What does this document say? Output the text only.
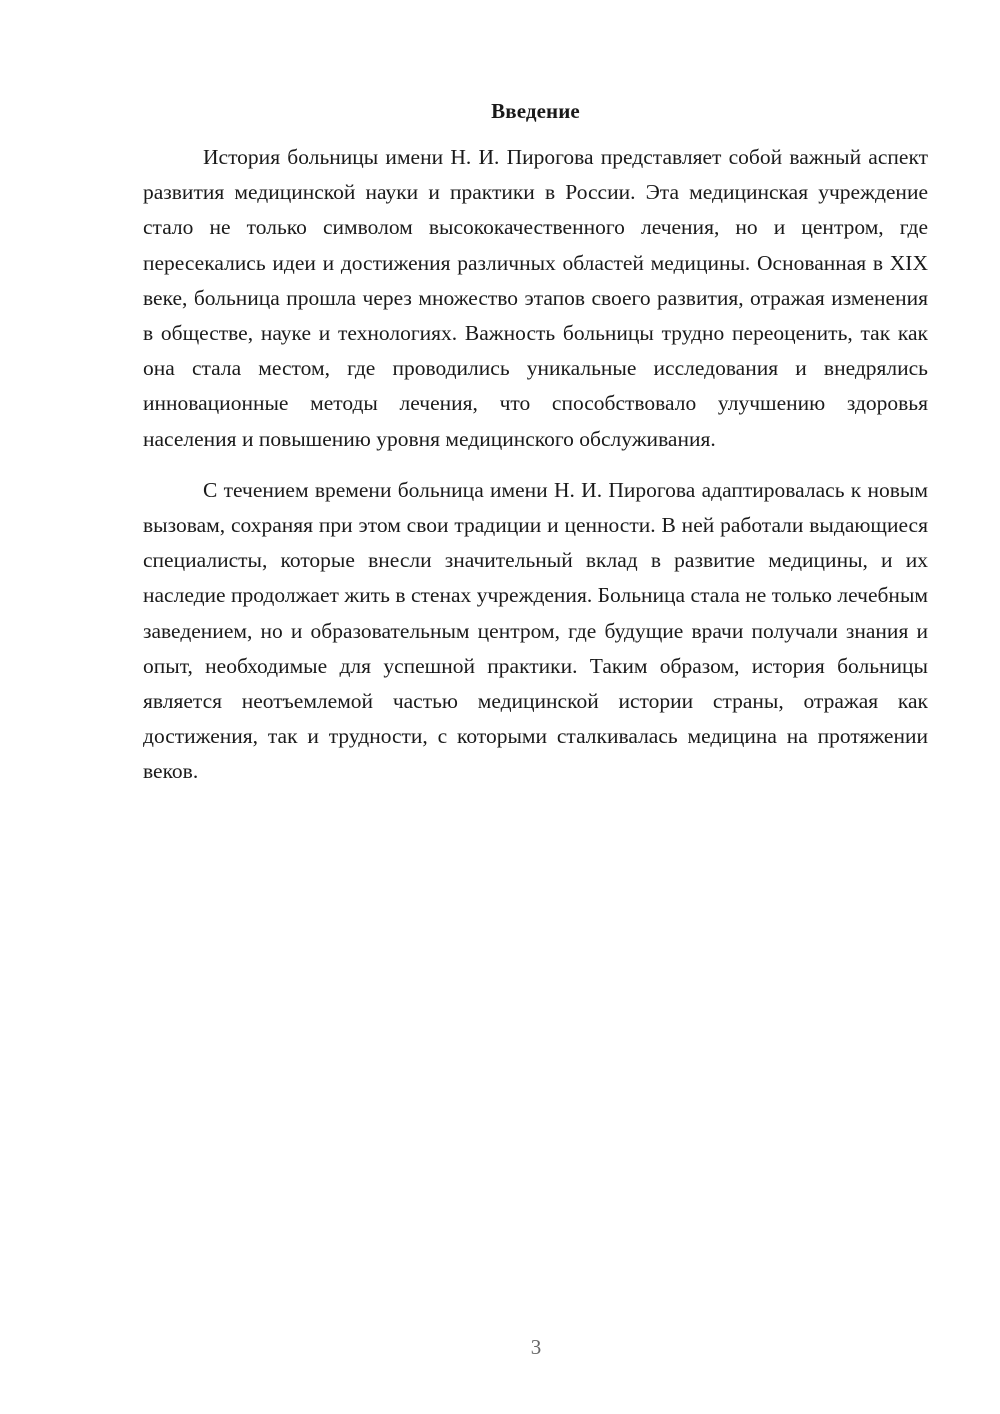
Введение

История больницы имени Н. И. Пирогова представляет собой важный аспект развития медицинской науки и практики в России. Эта медицинская учреждение стало не только символом высококачественного лечения, но и центром, где пересекались идеи и достижения различных областей медицины. Основанная в XIX веке, больница прошла через множество этапов своего развития, отражая изменения в обществе, науке и технологиях. Важность больницы трудно переоценить, так как она стала местом, где проводились уникальные исследования и внедрялись инновационные методы лечения, что способствовало улучшению здоровья населения и повышению уровня медицинского обслуживания.

С течением времени больница имени Н. И. Пирогова адаптировалась к новым вызовам, сохраняя при этом свои традиции и ценности. В ней работали выдающиеся специалисты, которые внесли значительный вклад в развитие медицины, и их наследие продолжает жить в стенах учреждения. Больница стала не только лечебным заведением, но и образовательным центром, где будущие врачи получали знания и опыт, необходимые для успешной практики. Таким образом, история больницы является неотъемлемой частью медицинской истории страны, отражая как достижения, так и трудности, с которыми сталкивалась медицина на протяжении веков.

3
